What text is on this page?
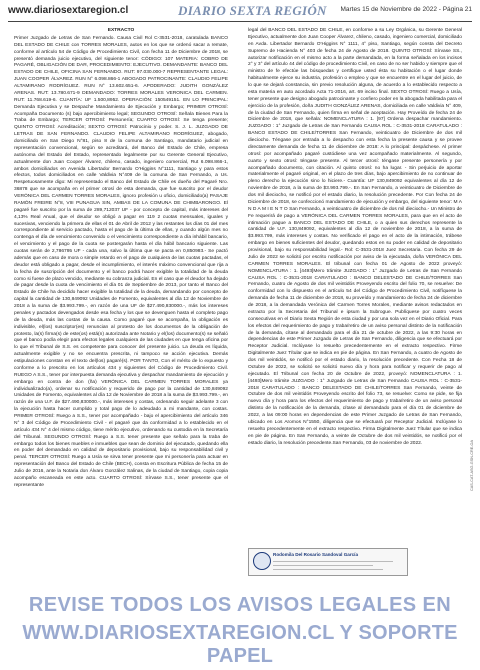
www.diariosextaregion.cl	DIARIO SEXTA REGIÓN Martes 15 de Noviembre de 2022 - Página 21
EXTRACTO

Primer Juzgado de Letras de San Fernando. Causa Civil Rol C-3531-2018, caratulada BANCO DEL ESTADO DE CHILE con TORRES MORALES, autos en los que se ordenó sacar a remate, conforme al artículo 54 de Código de Procedimiento Civil, con fecha 11 de Diciembre de 2018, se presentó demanda juicio ejecutivo, del siguiente tenor: CÓDIGO: 107 MATERIA: COBRO DE PAGARÉ, OBLIGACIÓN DE DAR, PROCEDIMIENTO: EJECUTIVO. DEMANDANTE: BANCO DEL ESTADO DE CHILE, OFICINA SAN FERNANDO. RUT: 97.030.000-7 REPRESENTANTE LEGAL: JUAN COOPER ÁLVAREZ. RUN N° 6.098.866-1 ABOGADO PATROCINANTE: CLAUDIO FELIPE ALTAMIRANO RODRÍGUEZ. RUN N° 13.602.651-6. APODERADO: JUDITH GONZÁLEZ ARENAS. RUT: 13.780.671-9 DEMANDADO: TORRES MORALES VERONICA DEL CARMEN. RUT: 11.768.619-6. CUANTÍA: UF 1.500,8952. OPERACIÓN: 150549151. EN LO PRINCIPAL: Demanda Ejecutiva y se Despache Mandamiento de Ejecución y Embargo; PRIMER OTROSÍ: Acompaña Documento (s) bajo apercibimiento legal; SEGUNDO OTROSÍ: Señala Bienes Para la Traba de Embargo; TERCER OTROSÍ: Personería; CUARTO OTROSÍ: Se tenga presente; QUINTO OTROSÍ: Acreditación; SEXTO OTROSÍ: Patrocinio y poder. S. J. L. JUZGADO DE LETRAS DE SAN FERNANDO. CLAUDIO FELIPE ALTAMIRANO RODRÍGUEZ, abogado, domiciliado en San Diego N°81, piso 8 de la comuna de Santiago, mandatario judicial en representación convencional, según se acreditará, del Banco del Estado de Chile, empresa autónoma del Estado del Estado, representado legalmente por su Gerente General Ejecutivo, actualmente don Juan Cooper Álvarez, chileno, casado, ingeniero comercial, Rut 6.098.866-1, ambos domiciliados en Avenida Libertador Bernardo O'Higgins N°1111, Santiago y para estos efectos, todos domiciliados en calle Valdivia N°409 de la comuna de San Fernando, a Us. Respetuosamente digo: Mi representado el Banco del Estado de Chile es dueño del Pagaré Nro. 36878 que se acompaña en el primer otrosí de esta demanda, que fue suscrito por el deudor VERÓNICA DEL CARMEN TORRES MORALES, ignoro profesión u oficio, domiciliado(a) PASAJE RAMÓN FREIRE N°8, VIII PUNAGUA SIN, AMBAS DE LA COMUNA DE CHIMBARONGO. El pagaré fue suscrito por la suma de 289,712037 UF - por concepto de capital, más intereses del 4,13% Real Anual, que el deudor se obligó a pagar en 119 2 cuotas mensuales, iguales y sucesivas, venciendo la primera de ellas el 01 de Abril de 2012 y las restantes los días 01 del mes correspondiente al servicio pactado, hasta el pago de la última de ellas, y cuando algún mes no contenga el día de vencimiento convenido o el vencimiento correspondiente a día inhábil bancario, el vencimiento y el pago de la cuota se postergarán hasta el día hábil bancario siguiente. Las cuotas serán de 2,786795 UF - cada una, salvo la última que se pacta en 0,850983.- Se pactó además que en caso de mora o simple retardo en el pago de cualquiera de las cuotas pactadas, el deudor está obligado a pagar, desde el incumplimiento, el interés máximo convencional que rija a la fecha de suscripción del documento y el banco podrá hacer exigible la totalidad de la deuda como si fuese de plazo vencido, mediante su cobranza judicial. En el caso que el deudor ha dejado de pagar desde la cuota de vencimiento el día 01 de Septiembre de 2013, por tanto el Banco del Estado de Chile ha decidido hacer exigible la totalidad de la deuda, demandando por concepto de capital la cantidad de 130,849092 Unidades de Fomento, equivalentes al día 12 de Noviembre de 2018 a la suma de $3.993.799.-, en razón de una UF de $27.490,830000.-, más los intereses penales y pactados devengados desde esa fecha y los que se devenguen hasta el completo pago de la deuda, más las costas de la causa. Como pagaré que se acompaña, la obligación es indivisible, el(los) suscriptor(es) renuncian al protesto de los documentos de la obligación de protesto, la(s) firma(s) de este(os) está(n) autorizada ante Notario y el(los) documento(s) se señaló que el banco podía elegir para efectos legales cualquiera de las ciudades en que tenga oficina por lo que el Tribunal de S.S. es competente para conocer del presente juicio. La deuda es líquida, actualmente exigible y no se encuentra prescrita, ni tampoco se acción ejecutiva. Demás estipulaciones constan en el texto del(los) pagaré(s). POR TANTO, Con el mérito de lo expuesto y conforme a lo prescrito en los artículos 434 y siguientes del Código de Procedimiento Civil. RUEGO A S.S., tener por interpuesta demanda ejecutiva y despachar mandamiento de ejecución y embargo en contra de don (ña) VERÓNICA DEL CARMEN TORRES MORALES ya individualizado(a), ordenar su notificación y requerido de pago por la cantidad de 130,849092 Unidades de Fomento, equivalentes al día 12 de Noviembre de 2018 a la suma de $3.993.799.-, en razón de una U.F. de $27.490,830000.-, más intereses y costas, ordenando seguir adelante 3 con la ejecución hasta hacer cumplido y total pago de lo adeudado a mi mandante, con costas. PRIMER OTROSÍ: Ruego a S.S., tener por acompañado - bajo el apercibimiento del artículo 346 N° 3 del Código de Procedimiento Civil - el pagaré que da conformidad a lo establecido en el artículo 434 N° 4 del mismo código, tiene mérito ejecutivo, ordenando su custodia en la Secretaría del Tribunal. SEGUNDO OTROSÍ: Ruego a S.S. tener presente que señalo para la traba de embargo todos los bienes muebles e inmuebles que sean de dominio del ejecutado, quedando ella en poder del demandado en calidad de depositario provisional, bajo su responsabilidad civil y penal. TERCER OTROSÍ: Ruego a Usía se sirva tener presente que mi personería para actuar en representación del Banco del Estado de Chile (BECH), consta en Escritura Pública de fecha 15 de Julio de 2016, ante la Notaria don Álvaro González Salinas, de la ciudad de Santiago, copia copia acompaño escaneada en este acto. CUARTO OTROSÍ: Sírvase S.S., tener presente que el representante

legal del BANCO DEL ESTADO DE CHILE, en conforme a su Ley Orgánica, su Gerente General Ejecutivo, actualmente don Juan Cooper Álvarez, chileno, casado, ingeniero comercial, domiciliado en Avda. Libertador Bernardo O'Higgins N° 1111, 4° piso, Santiago, según consta del Decreto Supremo de Hacienda N° 403 de fecha 24 de Agosto de 2018. QUINTO OTROSÍ: Sírvase SS., autorizar notificación en el mismo acto a la parte demandada, en la forma señalada en los incisos 2° y 3° del artículo 44 del código de procedimiento Civil, en caso de no ser habido y siempre que el ministro de fe efectúe las búsquedas y certifique usted ésta su habitación o el lugar donde habitualmente ejerce su industria, profesión o empleo y que se encuentre en el lugar del juicio, de lo que se dejará constancia, sin previo resolución alguna, de acuerdo a lo establecido respecto a esta materia en auto acordado Acta 71-2016, art. 69 inciso final. SEXTO OTROSÍ: Ruego a Usía, tener presente que designo abogado patrocinante y confiero poder en la abogada habilitada para el ejercicio de la profesión, doña JUDITH GONZÁLEZ ARENAS, domiciliada en calle Valdivia N° 409, de la ciudad de San Fernando, quien firma en señal de aceptación. Hay Proveído de fecha 24 de Diciembre de 2018, que señala: NOMENCLATURA : 1. [97] Ordena despachar mandamiento. JUZGADO : 1° Juzgado de Letras de San Fernando CAUSA ROL : C-3531-2018 CARATULADO : BANCO ESTADO DE CHILE/TORRES San Fernando, veinticuatro de Diciembre de dos mil dieciocho. Téngase por entrada a lo despacho con esta fecha la presente causa y se provee directamente demanda de fecha 11 de diciembre de 2018: A lo principal: despáchese. Al primer otrosí: por acompañado pagaré custódiese una vez acompañado materialmente. Al segundo, cuarto y sexto otrosí: téngase presente. Al tercer otrosí: téngase presente personería y por acompañado documento, con citación. Al quinto otrosí: no ha lugar. - Sin perjuicio de aportar materialmente el pagaré original, en el plazo de tres días, bajo apercibimiento de no continuar de pleno derecho la ejecución sino lo hiciere.- Cuantía: UF 130,849092 equivalentes al día 12 de noviembre de 2018, a la suma de $3.993.799.-. En San Fernando, a veinticuatro de Diciembre de dos mil dieciocho, se notificó por el estado diario, la resolución precedente. Por Con fecha 24 de Diciembre de 2018, se confeccionó mandamiento de ejecución y embargo, del siguiente tenor: M A N D A M I E N T O San Fernando, a veinticuatro de diciembre de dos mil dieciocho.- Un Ministro de Fe requerirá de pago a VERÓNICA DEL CARMEN TORRES MORALES, para que en el acto de intimación pague a BANCO DEL ESTADO DE CHILE, o a quien sus derechos represente la cantidad de U.F. 130,849092, equivalentes al día 12 de noviembre de 2018, a la suma de $3.993.799, más intereses y costas. No verificado el pago en el acto de la intimación, trábese embargo en bienes suficientes del deudor, quedando estos en su poder en calidad de depositario provisional, bajo su responsabilidad legal.- Rol: C-3531-2018 Juez Secretaria. Con fecha 29 de Julio de 2022 se solicitó por escrito notificación por aviso de la ejecutada, doña VERÓNICA DEL CARMEN TORRES MORALES. El tribunal con fecha 01 de Agosto de 2022 proveyó: NOMENCLATURA : 1. [4493]Mero trámite JUZGADO : 1° Juzgado de Letras de San Fernando CAUSA ROL : C-3531-2018 CARATULADO : BANCO DELESTADO DE CHILE/TORRES San Fernando, cuatro de Agosto de dos mil veintidós Proveyendo escrito del folio 70, se resuelve: De conformidad con lo dispuesto en el artículo 54 del Código de Procedimiento Civil, notifíquese la demanda de fecha 11 de diciembre de 2018, su proveído y mandamiento de fecha 24 de diciembre de 2018, a la demandada Verónica del Carmen Torres Morales, mediante avisos redactados en extracto por la Secretaria del Tribunal e ipsum la Subrogue. Publíquese por cuatro veces consecutivas en el Diario Sexta Región de esta ciudad y por una sola vez en el Diario Oficial. Para los efectos del requerimiento de pago y traba/retiro de un aviso personal distinto de la notificación de la demanda, cítase al demandado para el día 21 de octubre de 2022, a las 9:30 horas en dependencias de este Primer Juzgado de Letras de San Fernando, diligencia que se efectuará por Receptor Judicial. Inclúyase lo resuelto precedentemente en el extracto respectivo. Firme Digitalmente Juez Títular que se indica en pie de página. En San Fernando, a cuatro de Agosto de dos mil veintidós, se notificó por el estado diario, la resolución precedente. Con Fecha 18 de Octubre de 2022, se solicitó se solicitó nuevo día y hora para notificar y requerir de pago al ejecutado. El Tribunal con fecha 20 de Octubre de 2022, proveyó: NOMENCLATURA : 1. [4493]Mero trámite JUZGADO : 1° Juzgado de Letras de San Fernando CAUSA ROL : C-3531-2018 CARATULADO : BANCO DELESTADO DE CHILE/TORRES San Fernando, veinte de Octubre de dos mil veintidós Proveyendo escrito del folio 73, se resuelve: Como se pide, se fija nuevo día y hora para los efectos del requerimiento de pago y traba/retiro de un aviso personal distinto de la notificación de la demanda, cítase al demandado para el día 01 de diciembre de 2022, a las 09:00 horas en dependencias de este Primer Juzgado de Letras de San Fernando, ubicado en Los Aromos N°1550, diligencia que se efectuará por Receptor Judicial. Inclúyase lo resuelto precedentemente en el extracto respectivo. Firma Digitalmente Juez Títular que se indica en pie de página. En San Fernando, a veinte de Octubre de dos mil veintidós, se notificó por el estado diario, la resolución precedente.San Fernando, 03 de noviembre de 2022.

Rodomila Del Rosario Sandoval García
CAS-CAT-ASG-GSN-CRE-OA
REVISE TODOS LOS AVISOS LEGALES EN
WWW.DIARIOSEXTAREGION.CL Y SOPORTE PAPEL
